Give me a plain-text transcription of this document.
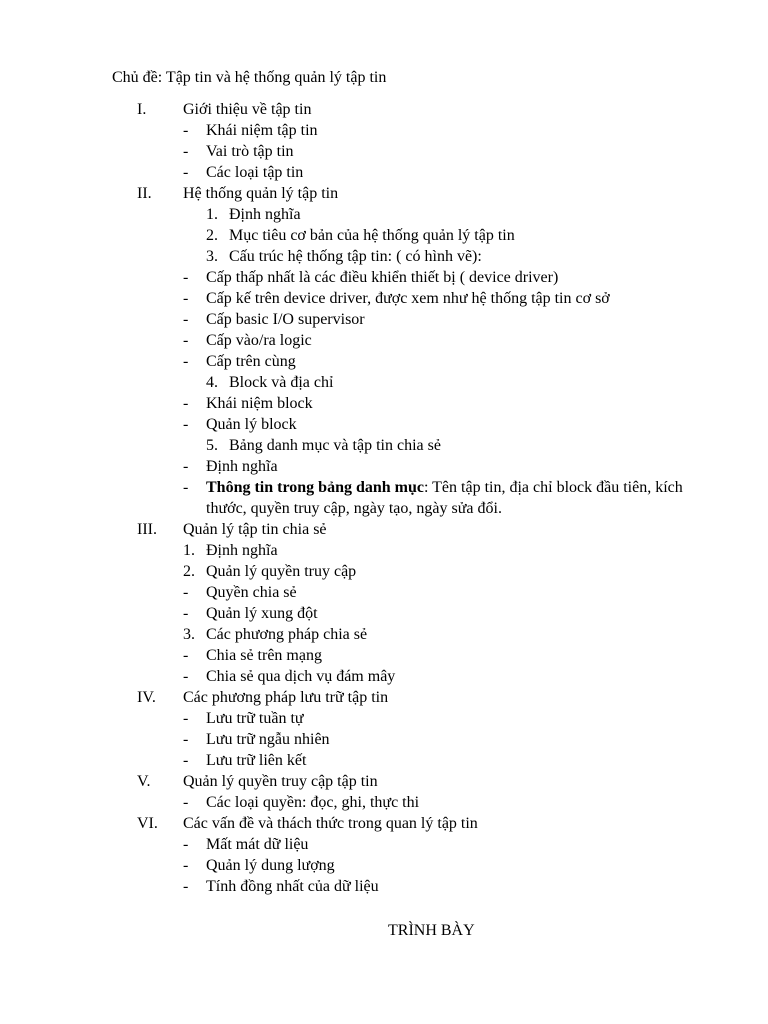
Chủ đề: Tập tin và hệ thống quản lý tập tin
I. Giới thiệu về tập tin
- Khái niệm tập tin
- Vai trò tập tin
- Các loại tập tin
II. Hệ thống quản lý tập tin
1. Định nghĩa
2. Mục tiêu cơ bản của hệ thống quản lý tập tin
3. Cấu trúc hệ thống tập tin: ( có hình vẽ):
- Cấp thấp nhất là các điều khiển thiết bị ( device driver)
- Cấp kế trên device driver, được xem như hệ thống tập tin cơ sở
- Cấp basic I/O supervisor
- Cấp vào/ra logic
- Cấp trên cùng
4. Block và địa chỉ
- Khái niệm block
- Quản lý block
5. Bảng danh mục và tập tin chia sẻ
- Định nghĩa
- Thông tin trong bảng danh mục: Tên tập tin, địa chỉ block đầu tiên, kích thước, quyền truy cập, ngày tạo, ngày sửa đổi.
III. Quản lý tập tin chia sẻ
1. Định nghĩa
2. Quản lý quyền truy cập
- Quyền chia sẻ
- Quản lý xung đột
3. Các phương pháp chia sẻ
- Chia sẻ trên mạng
- Chia sẻ qua dịch vụ đám mây
IV. Các phương pháp lưu trữ tập tin
- Lưu trữ tuần tự
- Lưu trữ ngẫu nhiên
- Lưu trữ liên kết
V. Quản lý quyền truy cập tập tin
- Các loại quyền: đọc, ghi, thực thi
VI. Các vấn đề và thách thức trong quan lý tập tin
- Mất mát dữ liệu
- Quản lý dung lượng
- Tính đồng nhất của dữ liệu
TRÌNH BÀY
